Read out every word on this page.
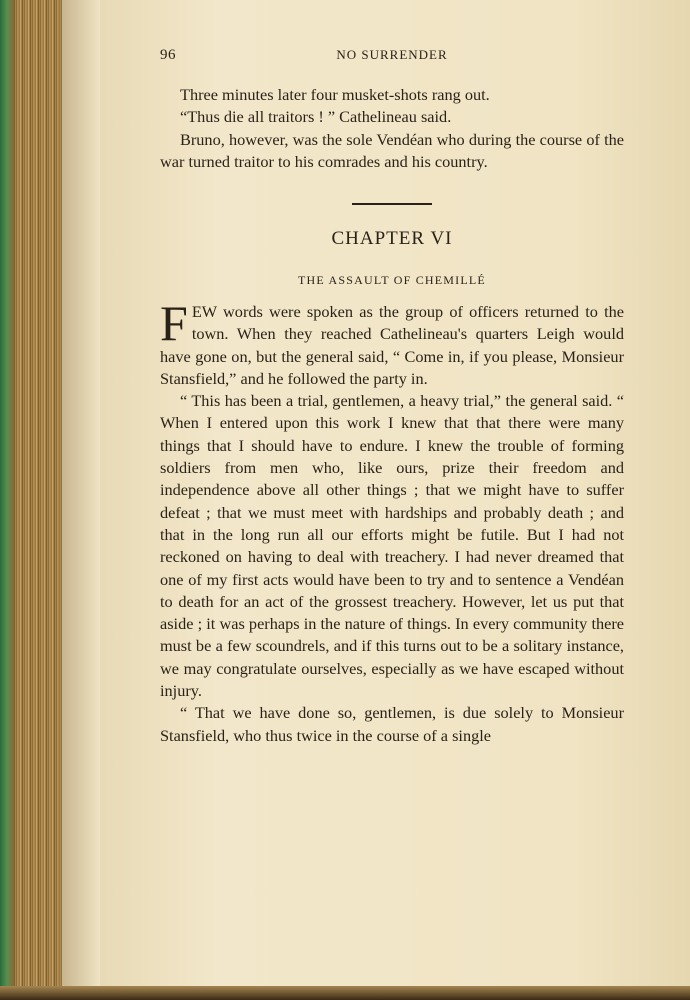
96	NO SURRENDER

Three minutes later four musket-shots rang out.

“Thus die all traitors ! ” Cathelineau said.

Bruno, however, was the sole Vendéan who during the course of the war turned traitor to his comrades and his country.

CHAPTER VI
THE ASSAULT OF CHEMILLÉ

FEW words were spoken as the group of officers returned to the town. When they reached Cathelineau's quarters Leigh would have gone on, but the general said, “ Come in, if you please, Monsieur Stansfield,” and he followed the party in.

“ This has been a trial, gentlemen, a heavy trial,” the general said. “ When I entered upon this work I knew that that there were many things that I should have to endure. I knew the trouble of forming soldiers from men who, like ours, prize their freedom and independence above all other things ; that we might have to suffer defeat ; that we must meet with hardships and probably death ; and that in the long run all our efforts might be futile. But I had not reckoned on having to deal with treachery. I had never dreamed that one of my first acts would have been to try and to sentence a Vendéan to death for an act of the grossest treachery. However, let us put that aside ; it was perhaps in the nature of things. In every community there must be a few scoundrels, and if this turns out to be a solitary instance, we may congratulate ourselves, especially as we have escaped without injury.

“ That we have done so, gentlemen, is due solely to Monsieur Stansfield, who thus twice in the course of a single
